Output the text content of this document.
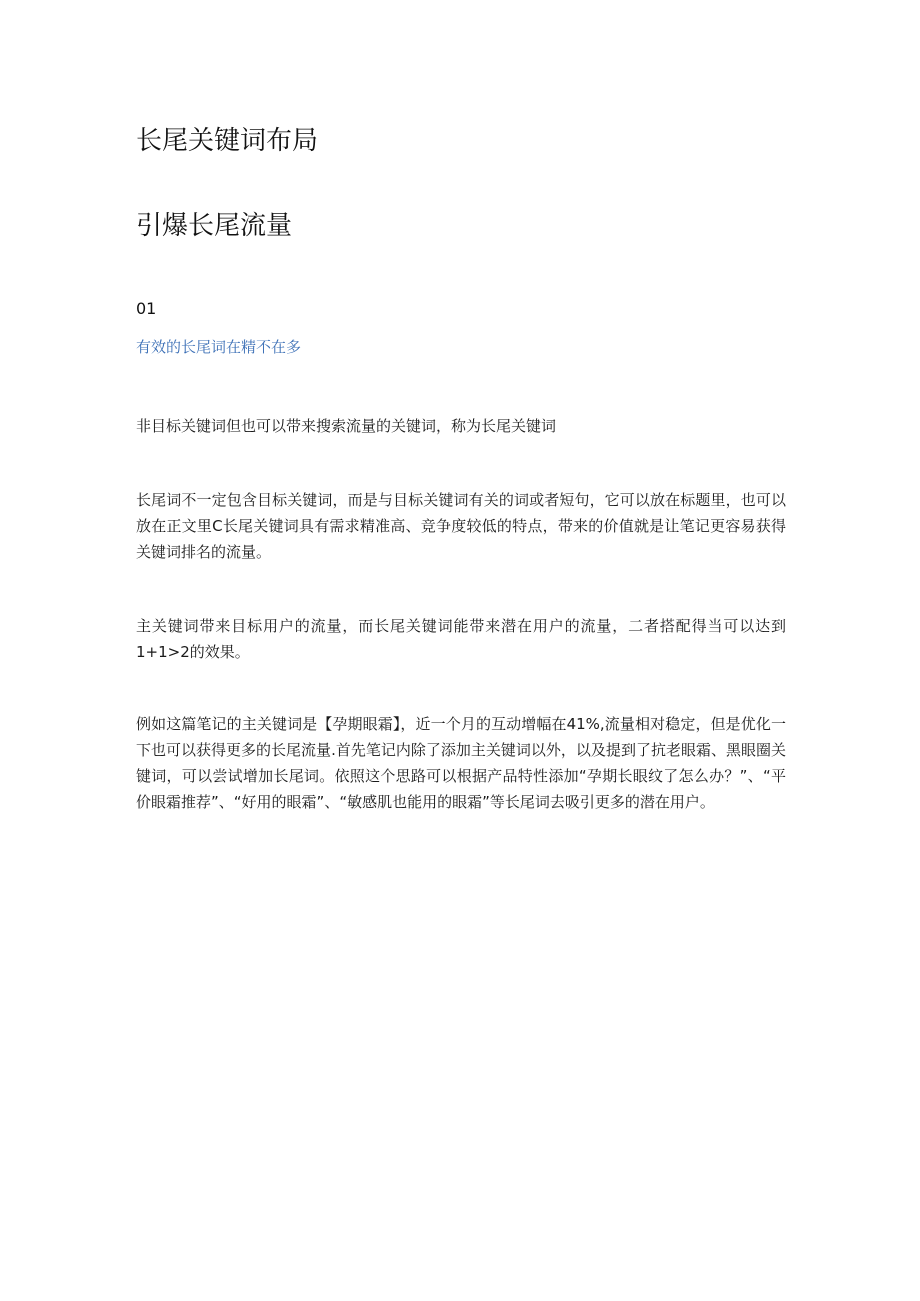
长尾关键词布局
引爆长尾流量
01
有效的长尾词在精不在多

非目标关键词但也可以带来搜索流量的关键词，称为长尾关键词

长尾词不一定包含目标关键词，而是与目标关键词有关的词或者短句，它可以放在标题里，也可以放在正文里C长尾关键词具有需求精准高、竞争度较低的特点，带来的价值就是让笔记更容易获得关键词排名的流量。

主关键词带来目标用户的流量，而长尾关键词能带来潜在用户的流量，二者搭配得当可以达到1+1>2的效果。

例如这篇笔记的主关键词是【孕期眼霜】，近一个月的互动增幅在41%,流量相对稳定，但是优化一下也可以获得更多的长尾流量.首先笔记内除了添加主关键词以外，以及提到了抗老眼霜、黑眼圈关键词，可以尝试增加长尾词。依照这个思路可以根据产品特性添加“孕期长眼纹了怎么办？”、“平价眼霜推荐”、“好用的眼霜”、“敏感肌也能用的眼霜”等长尾词去吸引更多的潜在用户。
